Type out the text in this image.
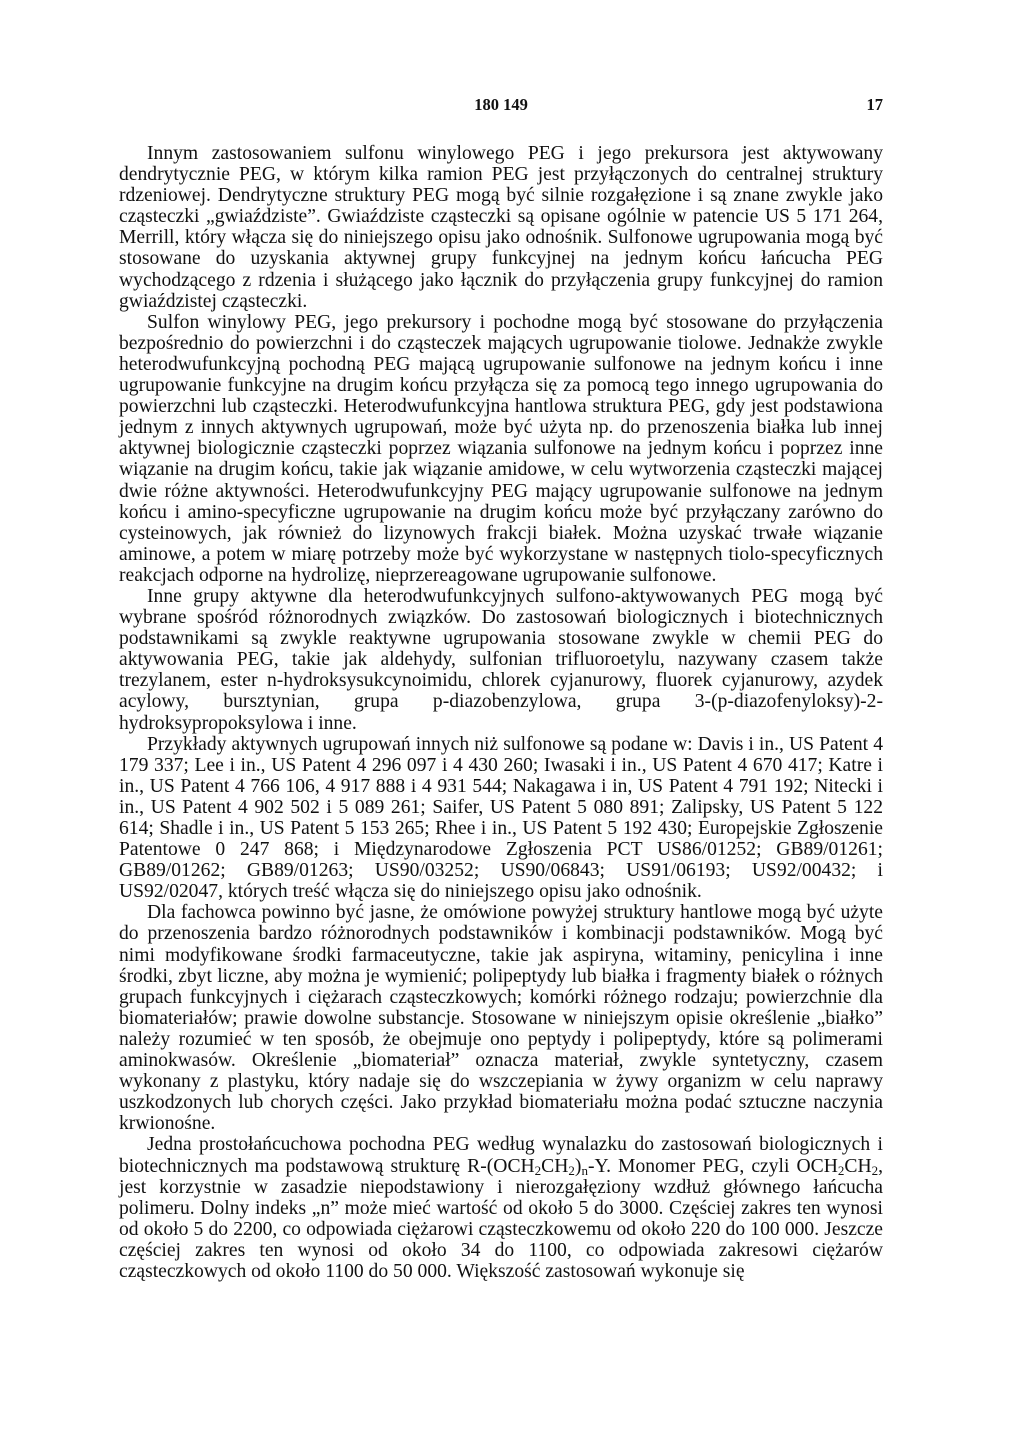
180 149	17

Innym zastosowaniem sulfonu winylowego PEG i jego prekursora jest aktywowany dendrytycznie PEG, w którym kilka ramion PEG jest przyłączonych do centralnej struktury rdzeniowej. Dendrytyczne struktury PEG mogą być silnie rozgałęzione i są znane zwykle jako cząsteczki „gwiaździste”. Gwiaździste cząsteczki są opisane ogólnie w patencie US 5 171 264, Merrill, który włącza się do niniejszego opisu jako odnośnik. Sulfonowe ugrupowania mogą być stosowane do uzyskania aktywnej grupy funkcyjnej na jednym końcu łańcucha PEG wychodzącego z rdzenia i służącego jako łącznik do przyłączenia grupy funkcyjnej do ramion gwiaździstej cząsteczki.

Sulfon winylowy PEG, jego prekursory i pochodne mogą być stosowane do przyłączenia bezpośrednio do powierzchni i do cząsteczek mających ugrupowanie tiolowe. Jednakże zwykle heterodwufunkcyjną pochodną PEG mającą ugrupowanie sulfonowe na jednym końcu i inne ugrupowanie funkcyjne na drugim końcu przyłącza się za pomocą tego innego ugrupowania do powierzchni lub cząsteczki. Heterodwufunkcyjna hantlowa struktura PEG, gdy jest podstawiona jednym z innych aktywnych ugrupowań, może być użyta np. do przenoszenia białka lub innej aktywnej biologicznie cząsteczki poprzez wiązania sulfonowe na jednym końcu i poprzez inne wiązanie na drugim końcu, takie jak wiązanie amidowe, w celu wytworzenia cząsteczki mającej dwie różne aktywności. Heterodwufunkcyjny PEG mający ugrupowanie sulfonowe na jednym końcu i amino-specyficzne ugrupowanie na drugim końcu może być przyłączany zarówno do cysteinowych, jak również do lizynowych frakcji białek. Można uzyskać trwałe wiązanie aminowe, a potem w miarę potrzeby może być wykorzystane w następnych tiolo-specyficznych reakcjach odporne na hydrolizę, nieprzereagowane ugrupowanie sulfonowe.

Inne grupy aktywne dla heterodwufunkcyjnych sulfono-aktywowanych PEG mogą być wybrane spośród różnorodnych związków. Do zastosowań biologicznych i biotechnicznych podstawnikami są zwykle reaktywne ugrupowania stosowane zwykle w chemii PEG do aktywowania PEG, takie jak aldehydy, sulfonian trifluoroetylu, nazywany czasem także trezylanem, ester n-hydroksysukcynoimidu, chlorek cyjanurowy, fluorek cyjanurowy, azydek acylowy, bursztynian, grupa p-diazobenzylowa, grupa 3-(p-diazofenyloksy)-2-hydroksypropoksylowa i inne.

Przykłady aktywnych ugrupowań innych niż sulfonowe są podane w: Davis i in., US Patent 4 179 337; Lee i in., US Patent 4 296 097 i 4 430 260; Iwasaki i in., US Patent 4 670 417; Katre i in., US Patent 4 766 106, 4 917 888 i 4 931 544; Nakagawa i in, US Patent 4 791 192; Nitecki i in., US Patent 4 902 502 i 5 089 261; Saifer, US Patent 5 080 891; Zalipsky, US Patent 5 122 614; Shadle i in., US Patent 5 153 265; Rhee i in., US Patent 5 192 430; Europejskie Zgłoszenie Patentowe 0 247 868; i Międzynarodowe Zgłoszenia PCT US86/01252; GB89/01261; GB89/01262; GB89/01263; US90/03252; US90/06843; US91/06193; US92/00432; i US92/02047, których treść włącza się do niniejszego opisu jako odnośnik.

Dla fachowca powinno być jasne, że omówione powyżej struktury hantlowe mogą być użyte do przenoszenia bardzo różnorodnych podstawników i kombinacji podstawników. Mogą być nimi modyfikowane środki farmaceutyczne, takie jak aspiryna, witaminy, penicylina i inne środki, zbyt liczne, aby można je wymienić; polipeptydy lub białka i fragmenty białek o różnych grupach funkcyjnych i ciężarach cząsteczkowych; komórki różnego rodzaju; powierzchnie dla biomateriałów; prawie dowolne substancje. Stosowane w niniejszym opisie określenie „białko” należy rozumieć w ten sposób, że obejmuje ono peptydy i polipeptydy, które są polimerami aminokwasów. Określenie „biomateriał” oznacza materiał, zwykle syntetyczny, czasem wykonany z plastyku, który nadaje się do wszczepiania w żywy organizm w celu naprawy uszkodzonych lub chorych części. Jako przykład biomateriału można podać sztuczne naczynia krwionośne.

Jedna prostołańcuchowa pochodna PEG według wynalazku do zastosowań biologicznych i biotechnicznych ma podstawową strukturę $R-(OCH_2CH_2)_n-Y$. Monomer PEG, czyli $OCH_2CH_2$, jest korzystnie w zasadzie niepodstawiony i nierozgałęziony wzdłuż głównego łańcucha polimeru. Dolny indeks „n” może mieć wartość od około 5 do 3000. Częściej zakres ten wynosi od około 5 do 2200, co odpowiada ciężarowi cząsteczkowemu od około 220 do 100 000. Jeszcze częściej zakres ten wynosi od około 34 do 1100, co odpowiada zakresowi ciężarów cząsteczkowych od około 1100 do 50 000. Większość zastosowań wykonuje się
